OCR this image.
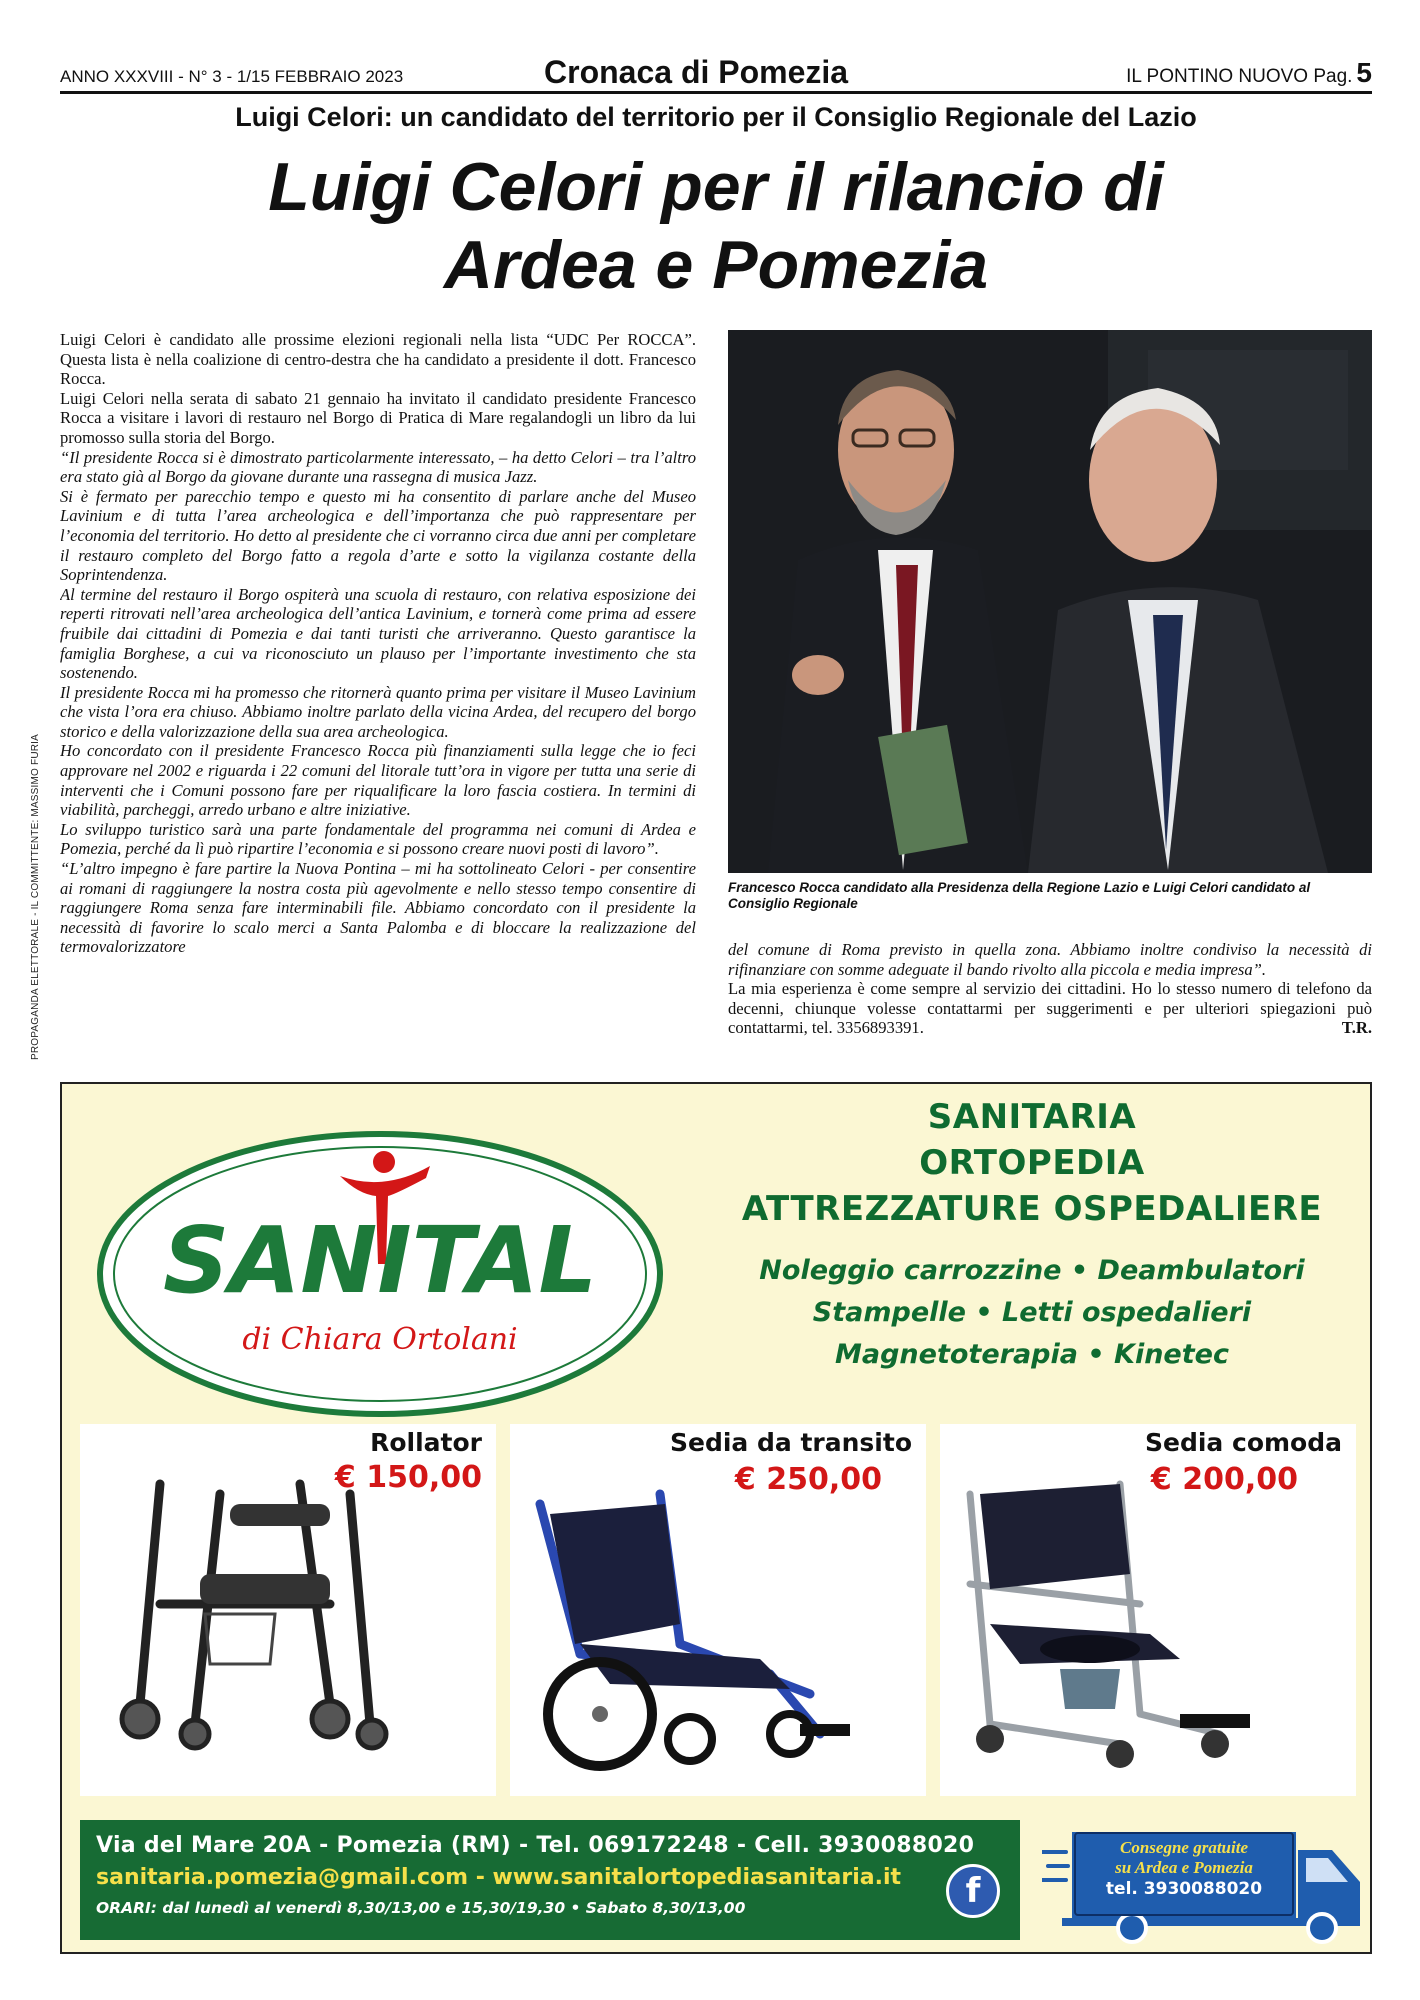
ANNO XXXVIII - N° 3 - 1/15 FEBBRAIO 2023	Cronaca di Pomezia	IL PONTINO NUOVO Pag. 5
Luigi Celori: un candidato del territorio per il Consiglio Regionale del Lazio
Luigi Celori per il rilancio di
Ardea e Pomezia

Luigi Celori è candidato alle prossime elezioni regionali nella lista “UDC Per ROCCA”. Questa lista è nella coalizione di centro-destra che ha candidato a presidente il dott. Francesco Rocca.

Luigi Celori nella serata di sabato 21 gennaio ha invitato il candidato presidente Francesco Rocca a visitare i lavori di restauro nel Borgo di Pratica di Mare regalandogli un libro da lui promosso sulla storia del Borgo.

“Il presidente Rocca si è dimostrato particolarmente interessato, – ha detto Celori – tra l’altro era stato già al Borgo da giovane durante una rassegna di musica Jazz.

Si è fermato per parecchio tempo e questo mi ha consentito di parlare anche del Museo Lavinium e di tutta l’area archeologica e dell’importanza che può rappresentare per l’economia del territorio. Ho detto al presidente che ci vorranno circa due anni per completare il restauro completo del Borgo fatto a regola d’arte e sotto la vigilanza costante della Soprintendenza.

Al termine del restauro il Borgo ospiterà una scuola di restauro, con relativa esposizione dei reperti ritrovati nell’area archeologica dell’antica Lavinium, e tornerà come prima ad essere fruibile dai cittadini di Pomezia e dai tanti turisti che arriveranno. Questo garantisce la famiglia Borghese, a cui va riconosciuto un plauso per l’importante investimento che sta sostenendo.

Il presidente Rocca mi ha promesso che ritornerà quanto prima per visitare il Museo Lavinium che vista l’ora era chiuso. Abbiamo inoltre parlato della vicina Ardea, del recupero del borgo storico e della valorizzazione della sua area archeologica.

Ho concordato con il presidente Francesco Rocca più finanziamenti sulla legge che io feci approvare nel 2002 e riguarda i 22 comuni del litorale tutt’ora in vigore per tutta una serie di interventi che i Comuni possono fare per riqualificare la loro fascia costiera. In termini di viabilità, parcheggi, arredo urbano e altre iniziative.

Lo sviluppo turistico sarà una parte fondamentale del programma nei comuni di Ardea e Pomezia, perché da lì può ripartire l’economia e si possono creare nuovi posti di lavoro”.

“L’altro impegno è fare partire la Nuova Pontina – mi ha sottolineato Celori - per consentire ai romani di raggiungere la nostra costa più agevolmente e nello stesso tempo consentire di raggiungere Roma senza fare interminabili file. Abbiamo concordato con il presidente la necessità di favorire lo scalo merci a Santa Palomba e di bloccare la realizzazione del termovalorizzatore

PROPAGANDA ELETTORALE - IL COMMITTENTE: MASSIMO FURIA	Francesco Rocca candidato alla Presidenza della Regione Lazio e Luigi Celori candidato al Consiglio Regionale

del comune di Roma previsto in quella zona. Abbiamo inoltre condiviso la necessità di rifinanziare con somme adeguate il bando rivolto alla piccola e media impresa”.

La mia esperienza è come sempre al servizio dei cittadini. Ho lo stesso numero di telefono da decenni, chiunque volesse contattarmi per suggerimenti e per ulteriori spiegazioni può contattarmi, tel. 3356893391.	T.R.
SANITAL
di Chiara Ortolani
SANITARIA
ORTOPEDIA
ATTREZZATURE OSPEDALIERE
Noleggio carrozzine • Deambulatori
Stampelle • Letti ospedalieri
Magnetoterapia • Kinetec
Rollator
€ 150,00
Sedia da transito
€ 250,00
Sedia comoda
€ 200,00
Via del Mare 20A - Pomezia (RM) - Tel. 069172248 - Cell. 3930088020
sanitaria.pomezia@gmail.com - www.sanitalortopediasanitaria.it
ORARI: dal lunedì al venerdì 8,30/13,00 e 15,30/19,30 • Sabato 8,30/13,00	f
Consegne gratuite
su Ardea e Pomezia
tel. 3930088020
